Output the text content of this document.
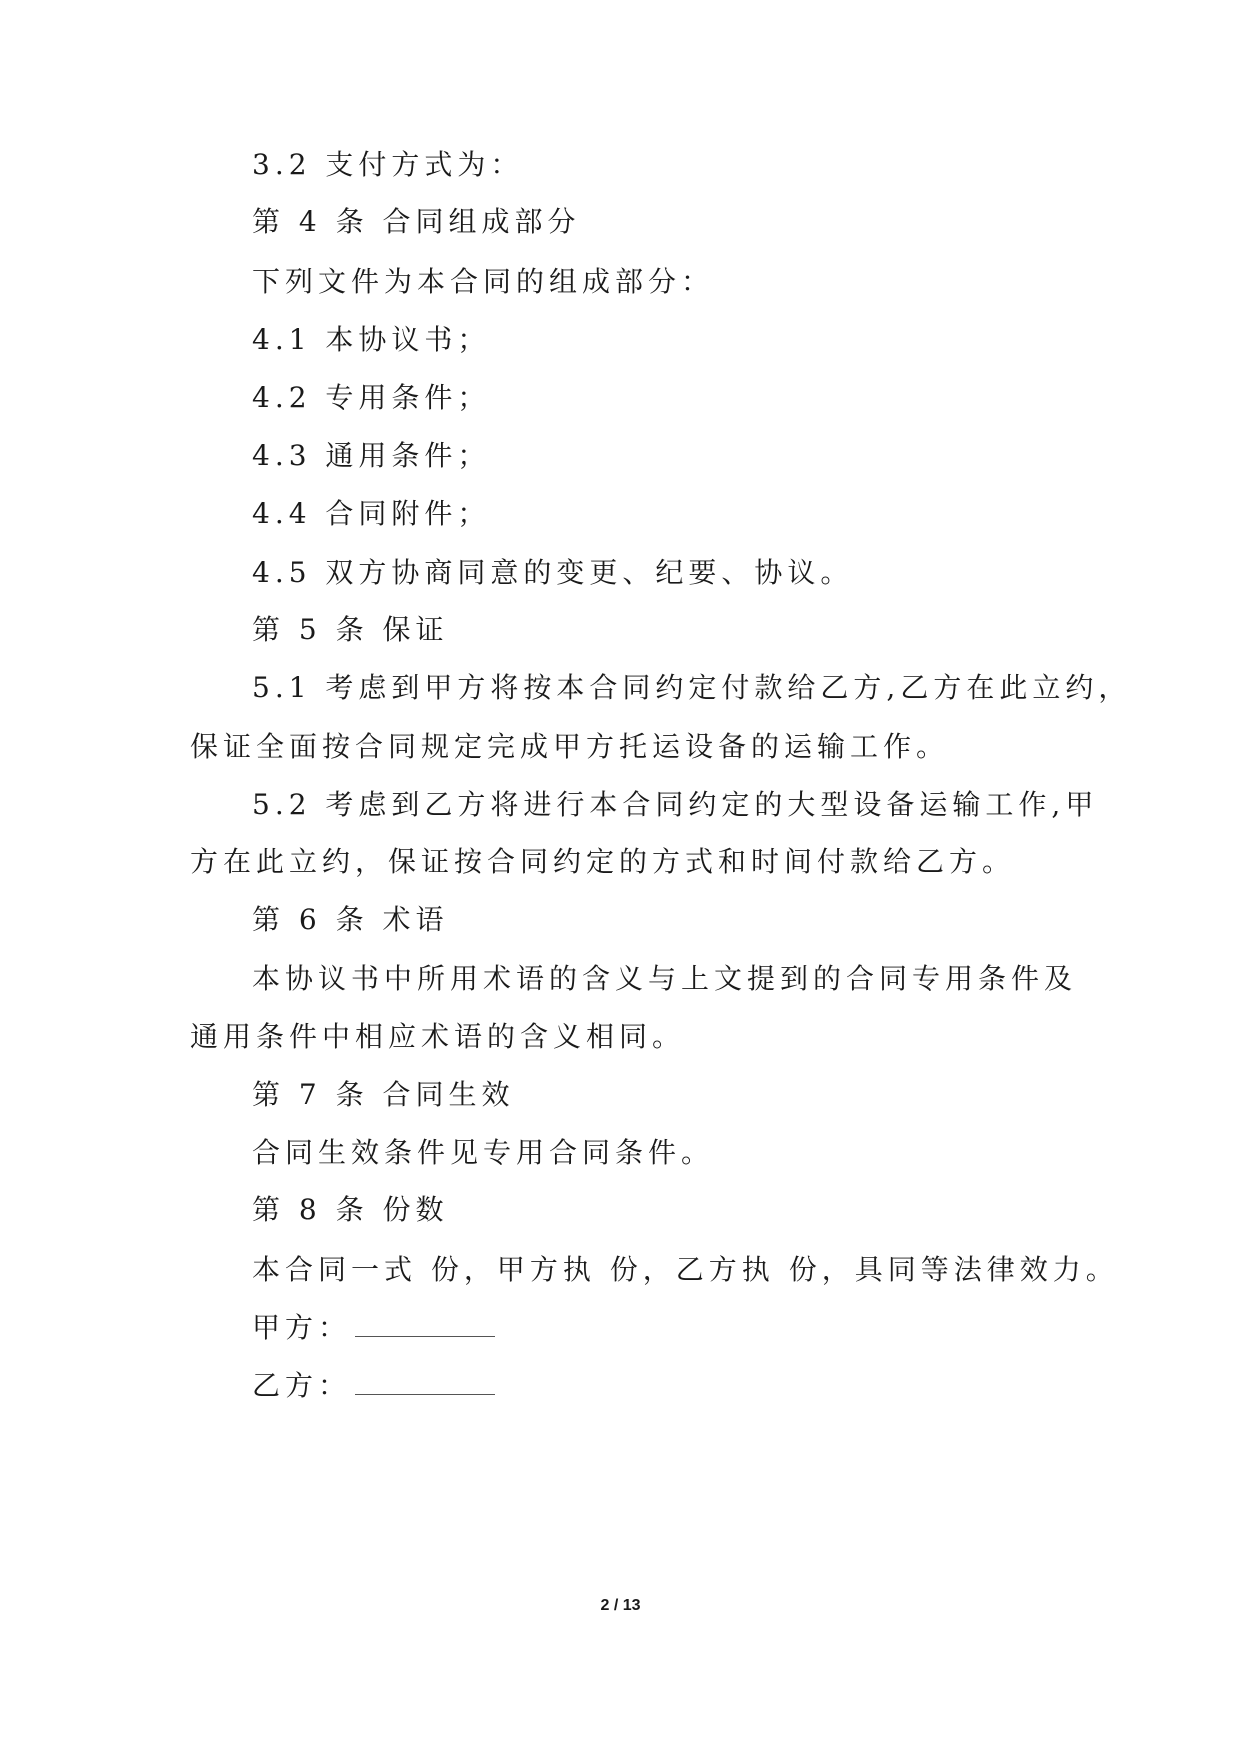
3.2 支付方式为：
第 4 条 合同组成部分
下列文件为本合同的组成部分：
4.1 本协议书；
4.2 专用条件；
4.3 通用条件；
4.4 合同附件；
4.5 双方协商同意的变更、纪要、协议。
第 5 条 保证
5.1 考虑到甲方将按本合同约定付款给乙方,乙方在此立约，
保证全面按合同规定完成甲方托运设备的运输工作。
5.2 考虑到乙方将进行本合同约定的大型设备运输工作,甲
方在此立约，保证按合同约定的方式和时间付款给乙方。
第 6 条 术语
本协议书中所用术语的含义与上文提到的合同专用条件及
通用条件中相应术语的含义相同。
第 7 条 合同生效
合同生效条件见专用合同条件。
第 8 条 份数
本合同一式 份，甲方执 份，乙方执 份，具同等法律效力。
甲方：
乙方：
2 / 13
